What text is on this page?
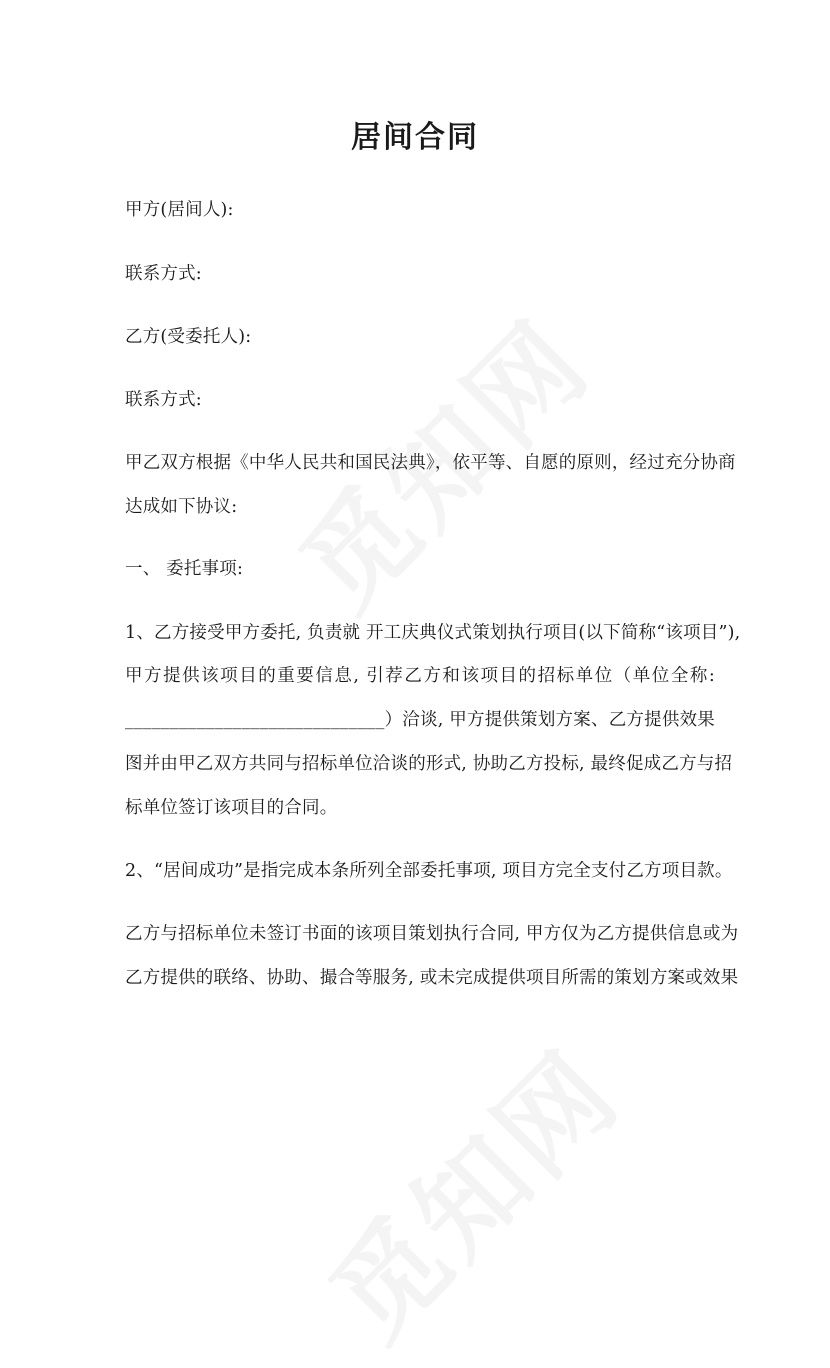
居间合同
甲方(居间人):
联系方式:
乙方(受委托人):
联系方式:
甲乙双方根据《中华人民共和国民法典》，依平等、自愿的原则，经过充分协商
达成如下协议:
一、 委托事项:
1、乙方接受甲方委托, 负责就 开工庆典仪式策划执行项目(以下简称“该项目”),
甲方提供该项目的重要信息, 引荐乙方和该项目的招标单位（单位全称:
_____________________________）洽谈, 甲方提供策划方案、乙方提供效果
图并由甲乙双方共同与招标单位洽谈的形式, 协助乙方投标, 最终促成乙方与招
标单位签订该项目的合同。
2、“居间成功”是指完成本条所列全部委托事项, 项目方完全支付乙方项目款。
乙方与招标单位未签订书面的该项目策划执行合同, 甲方仅为乙方提供信息或为
乙方提供的联络、协助、撮合等服务, 或未完成提供项目所需的策划方案或效果
